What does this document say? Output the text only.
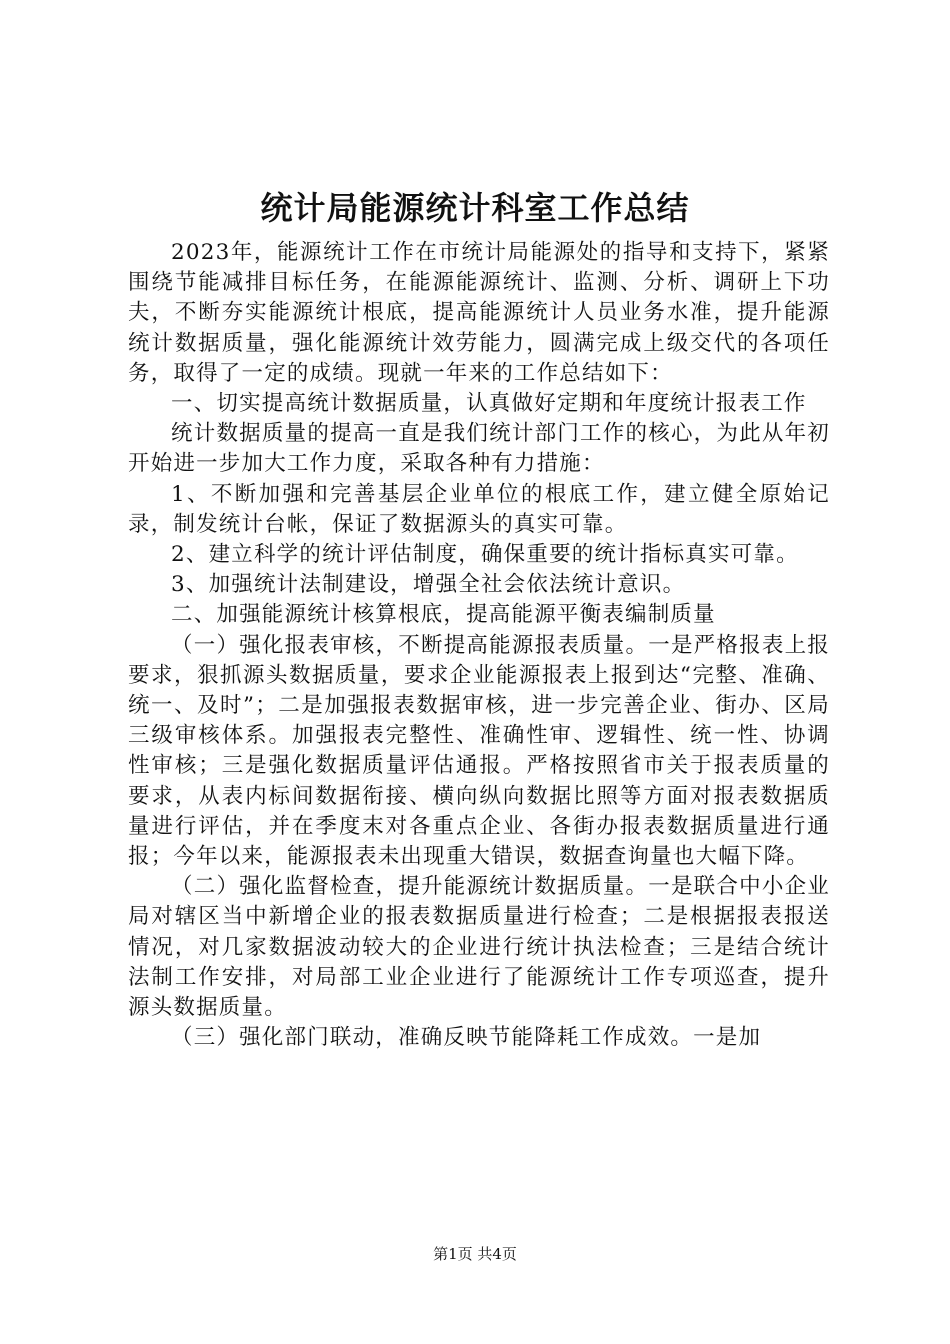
统计局能源统计科室工作总结

2023年，能源统计工作在市统计局能源处的指导和支持下，紧紧围绕节能减排目标任务，在能源能源统计、监测、分析、调研上下功夫，不断夯实能源统计根底，提高能源统计人员业务水准，提升能源统计数据质量，强化能源统计效劳能力，圆满完成上级交代的各项任务，取得了一定的成绩。现就一年来的工作总结如下：

一、切实提高统计数据质量，认真做好定期和年度统计报表工作

统计数据质量的提高一直是我们统计部门工作的核心，为此从年初开始进一步加大工作力度，采取各种有力措施：

1、不断加强和完善基层企业单位的根底工作，建立健全原始记录，制发统计台帐，保证了数据源头的真实可靠。

2、建立科学的统计评估制度，确保重要的统计指标真实可靠。

3、加强统计法制建设，增强全社会依法统计意识。

二、加强能源统计核算根底，提高能源平衡表编制质量

（一）强化报表审核，不断提高能源报表质量。一是严格报表上报要求，狠抓源头数据质量，要求企业能源报表上报到达“完整、准确、统一、及时”；二是加强报表数据审核，进一步完善企业、街办、区局三级审核体系。加强报表完整性、准确性审、逻辑性、统一性、协调性审核；三是强化数据质量评估通报。严格按照省市关于报表质量的要求，从表内标间数据衔接、横向纵向数据比照等方面对报表数据质量进行评估，并在季度末对各重点企业、各街办报表数据质量进行通报；今年以来，能源报表未出现重大错误，数据查询量也大幅下降。

（二）强化监督检查，提升能源统计数据质量。一是联合中小企业局对辖区当中新增企业的报表数据质量进行检查；二是根据报表报送情况，对几家数据波动较大的企业进行统计执法检查；三是结合统计法制工作安排，对局部工业企业进行了能源统计工作专项巡查，提升源头数据质量。

（三）强化部门联动，准确反映节能降耗工作成效。一是加

第1页 共4页
